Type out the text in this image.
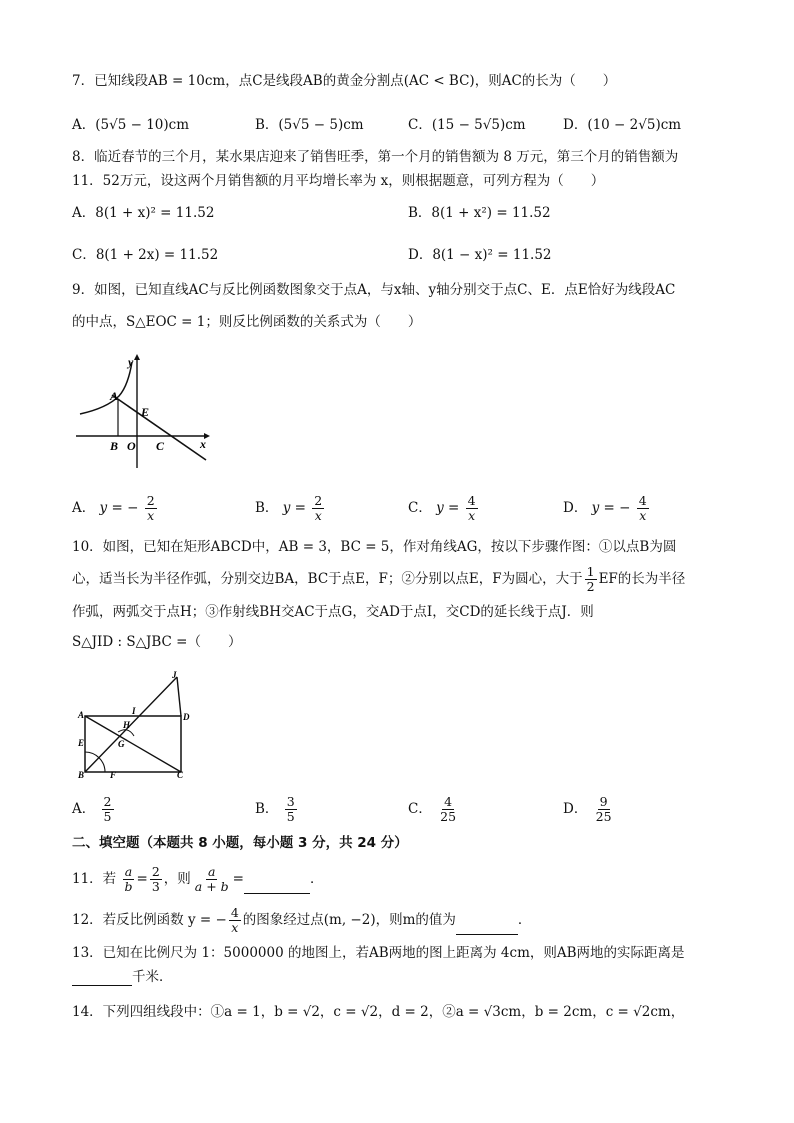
7．已知线段AB = 10cm，点C是线段AB的黄金分割点(AC < BC)，则AC的长为（　　）
A．(5√5 − 10)cm	B．(5√5 − 5)cm	C．(15 − 5√5)cm	D．(10 − 2√5)cm
8．临近春节的三个月，某水果店迎来了销售旺季，第一个月的销售额为 8 万元，第三个月的销售额为
11．52万元，设这两个月销售额的月平均增长率为 x，则根据题意，可列方程为（　　）
A．8(1 + x)² = 11.52	B．8(1 + x²) = 11.52
C．8(1 + 2x) = 11.52	D．8(1 − x)² = 11.52
9．如图，已知直线AC与反比例函数图象交于点A，与x轴、y轴分别交于点C、E．点E恰好为线段AC
的中点，S△EOC = 1；则反比例函数的关系式为（　　）
y
x
A
E
B O C
A． y = − $\frac{2}{x}$	B． $y = \frac{2}{x}$	C． $y = \frac{4}{x}$	D． y = − $\frac{4}{x}$
10．如图，已知在矩形ABCD中，AB = 3，BC = 5，作对角线AG，按以下步骤作图：①以点B为圆
心，适当长为半径作弧，分别交边BA，BC于点E，F；②分别以点E，F为圆心，大于 $\frac{1}{2}$ EF的长为半径
作弧，两弧交于点H；③作射线BH交AC于点G，交AD于点I，交CD的延长线于点J．则
S△JID : S△JBC =（　　）
J
A	I
D
H
E	G
B	F	C
A． $\frac{2}{5}$	B． $\frac{3}{5}$	C． $\frac{4}{25}$	D． $\frac{9}{25}$
二、填空题（本题共 8 小题，每小题 3 分，共 24 分）
11．若 $\frac{a}{b} = \frac{2}{3}$ ，则 $\frac{a}{a + b}$ =	．
12．若反比例函数 y = − $\frac{4}{x}$ 的图象经过点(m, −2)，则m的值为	．
13．已知在比例尺为 1：5000000 的地图上，若AB两地的图上距离为 4cm，则AB两地的实际距离是
千米．
14．下列四组线段中：①a = 1，b = √2，c = √2，d = 2，②a = √3cm，b = 2cm，c = √2cm，
